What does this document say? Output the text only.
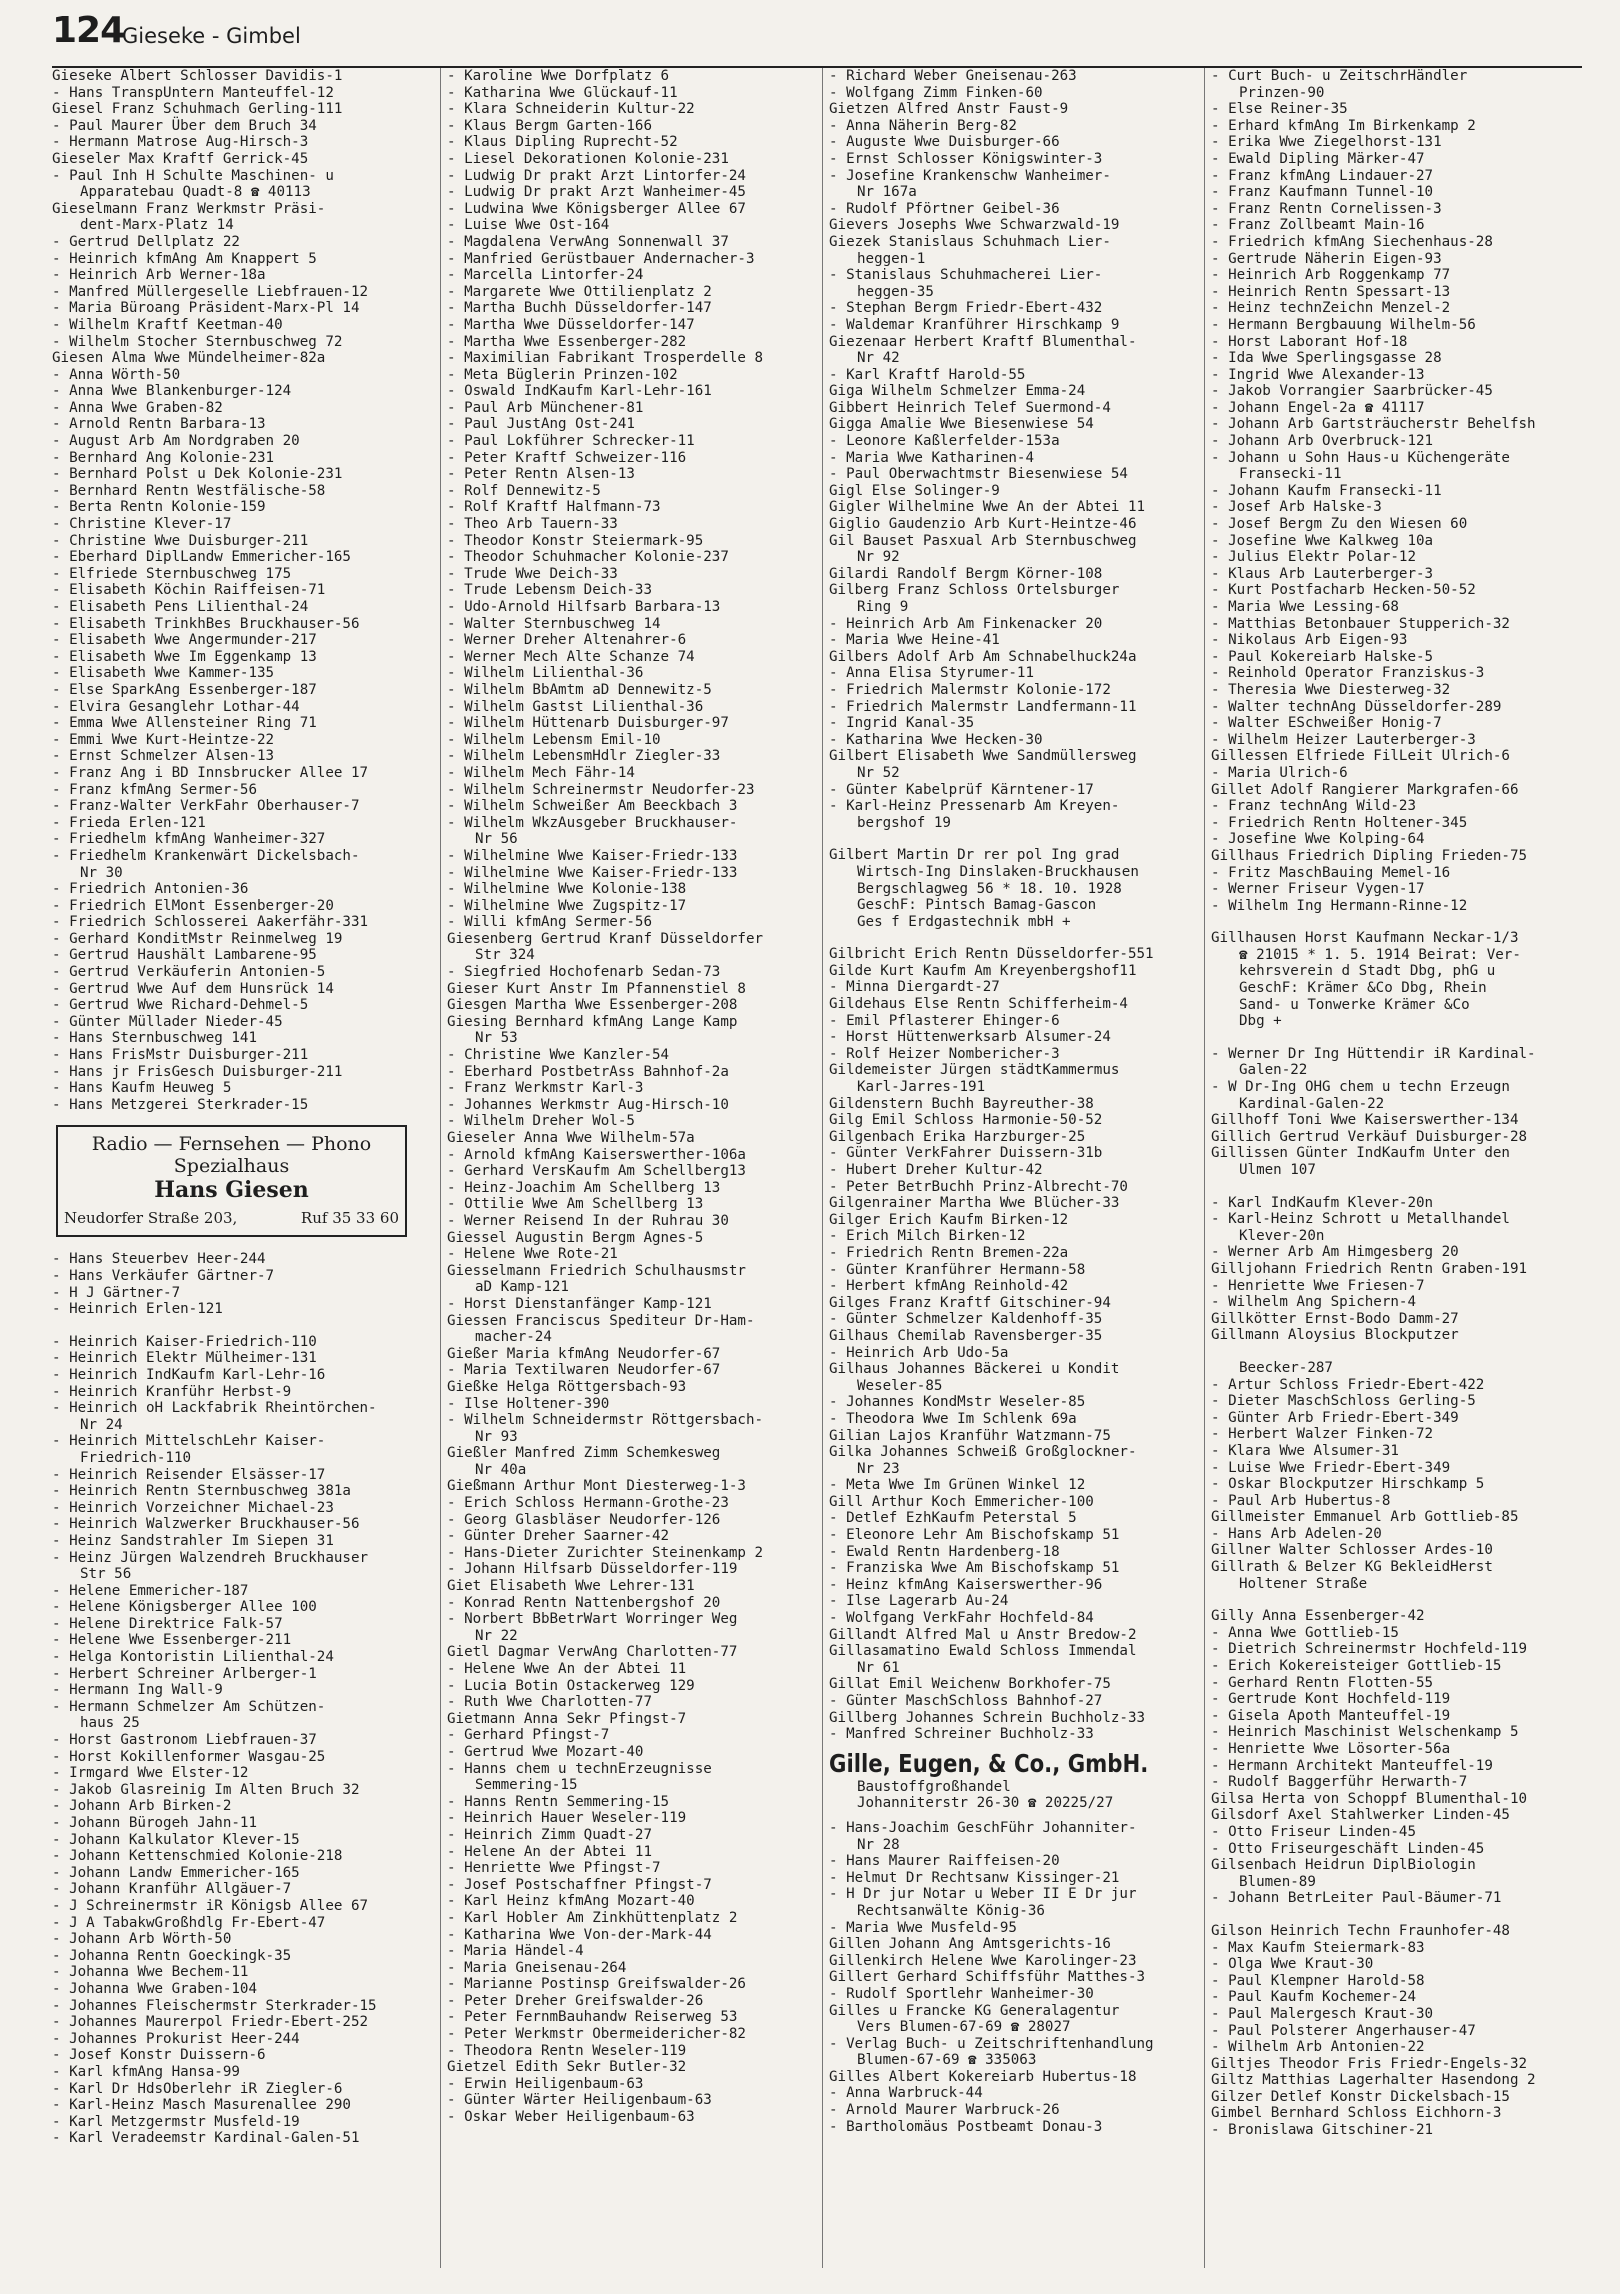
124
Gieseke - Gimbel
Gieseke Albert Schlosser Davidis-1
- Hans TranspUntern Manteuffel-12
Giesel Franz Schuhmach Gerling-111
- Paul Maurer Über dem Bruch 34
- Hermann Matrose Aug-Hirsch-3
Gieseler Max Kraftf Gerrick-45
- Paul Inh H Schulte Maschinen- u
Apparatebau Quadt-8 ☎ 40113
Gieselmann Franz Werkmstr Präsi-
dent-Marx-Platz 14
- Gertrud Dellplatz 22
- Heinrich kfmAng Am Knappert 5
- Heinrich Arb Werner-18a
- Manfred Müllergeselle Liebfrauen-12
- Maria Büroang Präsident-Marx-Pl 14
- Wilhelm Kraftf Keetman-40
- Wilhelm Stocher Sternbuschweg 72
Giesen Alma Wwe Mündelheimer-82a
- Anna Wörth-50
- Anna Wwe Blankenburger-124
- Anna Wwe Graben-82
- Arnold Rentn Barbara-13
- August Arb Am Nordgraben 20
- Bernhard Ang Kolonie-231
- Bernhard Polst u Dek Kolonie-231
- Bernhard Rentn Westfälische-58
- Berta Rentn Kolonie-159
- Christine Klever-17
- Christine Wwe Duisburger-211
- Eberhard DiplLandw Emmericher-165
- Elfriede Sternbuschweg 175
- Elisabeth Köchin Raiffeisen-71
- Elisabeth Pens Lilienthal-24
- Elisabeth TrinkhBes Bruckhauser-56
- Elisabeth Wwe Angermunder-217
- Elisabeth Wwe Im Eggenkamp 13
- Elisabeth Wwe Kammer-135
- Else SparkAng Essenberger-187
- Elvira Gesanglehr Lothar-44
- Emma Wwe Allensteiner Ring 71
- Emmi Wwe Kurt-Heintze-22
- Ernst Schmelzer Alsen-13
- Franz Ang i BD Innsbrucker Allee 17
- Franz kfmAng Sermer-56
- Franz-Walter VerkFahr Oberhauser-7
- Frieda Erlen-121
- Friedhelm kfmAng Wanheimer-327
- Friedhelm Krankenwärt Dickelsbach-
Nr 30
- Friedrich Antonien-36
- Friedrich ElMont Essenberger-20
- Friedrich Schlosserei Aakerfähr-331
- Gerhard KonditMstr Reinmelweg 19
- Gertrud Haushält Lambarene-95
- Gertrud Verkäuferin Antonien-5
- Gertrud Wwe Auf dem Hunsrück 14
- Gertrud Wwe Richard-Dehmel-5
- Günter Müllader Nieder-45
- Hans Sternbuschweg 141
- Hans FrisMstr Duisburger-211
- Hans jr FrisGesch Duisburger-211
- Hans Kaufm Heuweg 5
- Hans Metzgerei Sterkrader-15
Radio — Fernsehen — Phono
Spezialhaus
Hans Giesen
Neudorfer Straße 203,	Ruf 35 33 60
- Hans Steuerbev Heer-244
- Hans Verkäufer Gärtner-7
- H J Gärtner-7
- Heinrich Erlen-121
- Heinrich Kaiser-Friedrich-110
- Heinrich Elektr Mülheimer-131
- Heinrich IndKaufm Karl-Lehr-16
- Heinrich Kranführ Herbst-9
- Heinrich oH Lackfabrik Rheintörchen-
Nr 24
- Heinrich MittelschLehr Kaiser-
Friedrich-110
- Heinrich Reisender Elsässer-17
- Heinrich Rentn Sternbuschweg 381a
- Heinrich Vorzeichner Michael-23
- Heinrich Walzwerker Bruckhauser-56
- Heinz Sandstrahler Im Siepen 31
- Heinz Jürgen Walzendreh Bruckhauser
Str 56
- Helene Emmericher-187
- Helene Königsberger Allee 100
- Helene Direktrice Falk-57
- Helene Wwe Essenberger-211
- Helga Kontoristin Lilienthal-24
- Herbert Schreiner Arlberger-1
- Hermann Ing Wall-9
- Hermann Schmelzer Am Schützen-
haus 25
- Horst Gastronom Liebfrauen-37
- Horst Kokillenformer Wasgau-25
- Irmgard Wwe Elster-12
- Jakob Glasreinig Im Alten Bruch 32
- Johann Arb Birken-2
- Johann Bürogeh Jahn-11
- Johann Kalkulator Klever-15
- Johann Kettenschmied Kolonie-218
- Johann Landw Emmericher-165
- Johann Kranführ Allgäuer-7
- J Schreinermstr iR Königsb Allee 67
- J A TabakwGroßhdlg Fr-Ebert-47
- Johann Arb Wörth-50
- Johanna Rentn Goeckingk-35
- Johanna Wwe Bechem-11
- Johanna Wwe Graben-104
- Johannes Fleischermstr Sterkrader-15
- Johannes Maurerpol Friedr-Ebert-252
- Johannes Prokurist Heer-244
- Josef Konstr Duissern-6
- Karl kfmAng Hansa-99
- Karl Dr HdsOberlehr iR Ziegler-6
- Karl-Heinz Masch Masurenallee 290
- Karl Metzgermstr Musfeld-19
- Karl Veradeemstr Kardinal-Galen-51
- Karoline Wwe Dorfplatz 6
- Katharina Wwe Glückauf-11
- Klara Schneiderin Kultur-22
- Klaus Bergm Garten-166
- Klaus Dipling Ruprecht-52
- Liesel Dekorationen Kolonie-231
- Ludwig Dr prakt Arzt Lintorfer-24
- Ludwig Dr prakt Arzt Wanheimer-45
- Ludwina Wwe Königsberger Allee 67
- Luise Wwe Ost-164
- Magdalena VerwAng Sonnenwall 37
- Manfried Gerüstbauer Andernacher-3
- Marcella Lintorfer-24
- Margarete Wwe Ottilienplatz 2
- Martha Buchh Düsseldorfer-147
- Martha Wwe Düsseldorfer-147
- Martha Wwe Essenberger-282
- Maximilian Fabrikant Trosperdelle 8
- Meta Büglerin Prinzen-102
- Oswald IndKaufm Karl-Lehr-161
- Paul Arb Münchener-81
- Paul JustAng Ost-241
- Paul Lokführer Schrecker-11
- Peter Kraftf Schweizer-116
- Peter Rentn Alsen-13
- Rolf Dennewitz-5
- Rolf Kraftf Halfmann-73
- Theo Arb Tauern-33
- Theodor Konstr Steiermark-95
- Theodor Schuhmacher Kolonie-237
- Trude Wwe Deich-33
- Trude Lebensm Deich-33
- Udo-Arnold Hilfsarb Barbara-13
- Walter Sternbuschweg 14
- Werner Dreher Altenahrer-6
- Werner Mech Alte Schanze 74
- Wilhelm Lilienthal-36
- Wilhelm BbAmtm aD Dennewitz-5
- Wilhelm Gastst Lilienthal-36
- Wilhelm Hüttenarb Duisburger-97
- Wilhelm Lebensm Emil-10
- Wilhelm LebensmHdlr Ziegler-33
- Wilhelm Mech Fähr-14
- Wilhelm Schreinermstr Neudorfer-23
- Wilhelm Schweißer Am Beeckbach 3
- Wilhelm WkzAusgeber Bruckhauser-
Nr 56
- Wilhelmine Wwe Kaiser-Friedr-133
- Wilhelmine Wwe Kaiser-Friedr-133
- Wilhelmine Wwe Kolonie-138
- Wilhelmine Wwe Zugspitz-17
- Willi kfmAng Sermer-56
Giesenberg Gertrud Kranf Düsseldorfer
Str 324
- Siegfried Hochofenarb Sedan-73
Gieser Kurt Anstr Im Pfannenstiel 8
Giesgen Martha Wwe Essenberger-208
Giesing Bernhard kfmAng Lange Kamp
Nr 53
- Christine Wwe Kanzler-54
- Eberhard PostbetrAss Bahnhof-2a
- Franz Werkmstr Karl-3
- Johannes Werkmstr Aug-Hirsch-10
- Wilhelm Dreher Wol-5
Gieseler Anna Wwe Wilhelm-57a
- Arnold kfmAng Kaiserswerther-106a
- Gerhard VersKaufm Am Schellberg13
- Heinz-Joachim Am Schellberg 13
- Ottilie Wwe Am Schellberg 13
- Werner Reisend In der Ruhrau 30
Giessel Augustin Bergm Agnes-5
- Helene Wwe Rote-21
Giesselmann Friedrich Schulhausmstr
aD Kamp-121
- Horst Dienstanfänger Kamp-121
Giessen Franciscus Spediteur Dr-Ham-
macher-24
Gießer Maria kfmAng Neudorfer-67
- Maria Textilwaren Neudorfer-67
Gießke Helga Röttgersbach-93
- Ilse Holtener-390
- Wilhelm Schneidermstr Röttgersbach-
Nr 93
Gießler Manfred Zimm Schemkesweg
Nr 40a
Gießmann Arthur Mont Diesterweg-1-3
- Erich Schloss Hermann-Grothe-23
- Georg Glasbläser Neudorfer-126
- Günter Dreher Saarner-42
- Hans-Dieter Zurichter Steinenkamp 2
- Johann Hilfsarb Düsseldorfer-119
Giet Elisabeth Wwe Lehrer-131
- Konrad Rentn Nattenbergshof 20
- Norbert BbBetrWart Worringer Weg
Nr 22
Gietl Dagmar VerwAng Charlotten-77
- Helene Wwe An der Abtei 11
- Lucia Botin Ostackerweg 129
- Ruth Wwe Charlotten-77
Gietmann Anna Sekr Pfingst-7
- Gerhard Pfingst-7
- Gertrud Wwe Mozart-40
- Hanns chem u technErzeugnisse
Semmering-15
- Hanns Rentn Semmering-15
- Heinrich Hauer Weseler-119
- Heinrich Zimm Quadt-27
- Helene An der Abtei 11
- Henriette Wwe Pfingst-7
- Josef Postschaffner Pfingst-7
- Karl Heinz kfmAng Mozart-40
- Karl Hobler Am Zinkhüttenplatz 2
- Katharina Wwe Von-der-Mark-44
- Maria Händel-4
- Maria Gneisenau-264
- Marianne Postinsp Greifswalder-26
- Peter Dreher Greifswalder-26
- Peter FernmBauhandw Reiserweg 53
- Peter Werkmstr Obermeidericher-82
- Theodora Rentn Weseler-119
Gietzel Edith Sekr Butler-32
- Erwin Heiligenbaum-63
- Günter Wärter Heiligenbaum-63
- Oskar Weber Heiligenbaum-63
- Richard Weber Gneisenau-263
- Wolfgang Zimm Finken-60
Gietzen Alfred Anstr Faust-9
- Anna Näherin Berg-82
- Auguste Wwe Duisburger-66
- Ernst Schlosser Königswinter-3
- Josefine Krankenschw Wanheimer-
Nr 167a
- Rudolf Pförtner Geibel-36
Gievers Josephs Wwe Schwarzwald-19
Giezek Stanislaus Schuhmach Lier-
heggen-1
- Stanislaus Schuhmacherei Lier-
heggen-35
- Stephan Bergm Friedr-Ebert-432
- Waldemar Kranführer Hirschkamp 9
Giezenaar Herbert Kraftf Blumenthal-
Nr 42
- Karl Kraftf Harold-55
Giga Wilhelm Schmelzer Emma-24
Gibbert Heinrich Telef Suermond-4
Gigga Amalie Wwe Biesenwiese 54
- Leonore Kaßlerfelder-153a
- Maria Wwe Katharinen-4
- Paul Oberwachtmstr Biesenwiese 54
Gigl Else Solinger-9
Gigler Wilhelmine Wwe An der Abtei 11
Giglio Gaudenzio Arb Kurt-Heintze-46
Gil Bauset Pasxual Arb Sternbuschweg
Nr 92
Gilardi Randolf Bergm Körner-108
Gilberg Franz Schloss Ortelsburger
Ring 9
- Heinrich Arb Am Finkenacker 20
- Maria Wwe Heine-41
Gilbers Adolf Arb Am Schnabelhuck24a
- Anna Elisa Styrumer-11
- Friedrich Malermstr Kolonie-172
- Friedrich Malermstr Landfermann-11
- Ingrid Kanal-35
- Katharina Wwe Hecken-30
Gilbert Elisabeth Wwe Sandmüllersweg
Nr 52
- Günter Kabelprüf Kärntener-17
- Karl-Heinz Pressenarb Am Kreyen-
bergshof 19
Gilbert Martin Dr rer pol Ing grad
Wirtsch-Ing Dinslaken-Bruckhausen
Bergschlagweg 56 * 18. 10. 1928
GeschF: Pintsch Bamag-Gascon
Ges f Erdgastechnik mbH +
Gilbricht Erich Rentn Düsseldorfer-551
Gilde Kurt Kaufm Am Kreyenbergshof11
- Minna Diergardt-27
Gildehaus Else Rentn Schifferheim-4
- Emil Pflasterer Ehinger-6
- Horst Hüttenwerksarb Alsumer-24
- Rolf Heizer Nombericher-3
Gildemeister Jürgen städtKammermus
Karl-Jarres-191
Gildenstern Buchh Bayreuther-38
Gilg Emil Schloss Harmonie-50-52
Gilgenbach Erika Harzburger-25
- Günter VerkFahrer Duissern-31b
- Hubert Dreher Kultur-42
- Peter BetrBuchh Prinz-Albrecht-70
Gilgenrainer Martha Wwe Blücher-33
Gilger Erich Kaufm Birken-12
- Erich Milch Birken-12
- Friedrich Rentn Bremen-22a
- Günter Kranführer Hermann-58
- Herbert kfmAng Reinhold-42
Gilges Franz Kraftf Gitschiner-94
- Günter Schmelzer Kaldenhoff-35
Gilhaus Chemilab Ravensberger-35
- Heinrich Arb Udo-5a
Gilhaus Johannes Bäckerei u Kondit
Weseler-85
- Johannes KondMstr Weseler-85
- Theodora Wwe Im Schlenk 69a
Gilian Lajos Kranführ Watzmann-75
Gilka Johannes Schweiß Großglockner-
Nr 23
- Meta Wwe Im Grünen Winkel 12
Gill Arthur Koch Emmericher-100
- Detlef EzhKaufm Peterstal 5
- Eleonore Lehr Am Bischofskamp 51
- Ewald Rentn Hardenberg-18
- Franziska Wwe Am Bischofskamp 51
- Heinz kfmAng Kaiserswerther-96
- Ilse Lagerarb Au-24
- Wolfgang VerkFahr Hochfeld-84
Gillandt Alfred Mal u Anstr Bredow-2
Gillasamatino Ewald Schloss Immendal
Nr 61
Gillat Emil Weichenw Borkhofer-75
- Günter MaschSchloss Bahnhof-27
Gillberg Johannes Schrein Buchholz-33
- Manfred Schreiner Buchholz-33
Gille, Eugen, & Co., GmbH.
Baustoffgroßhandel
Johanniterstr 26-30 ☎ 20225/27
- Hans-Joachim GeschFühr Johanniter-
Nr 28
- Hans Maurer Raiffeisen-20
- Helmut Dr Rechtsanw Kissinger-21
- H Dr jur Notar u Weber II E Dr jur
Rechtsanwälte König-36
- Maria Wwe Musfeld-95
Gillen Johann Ang Amtsgerichts-16
Gillenkirch Helene Wwe Karolinger-23
Gillert Gerhard Schiffsführ Matthes-3
- Rudolf Sportlehr Wanheimer-30
Gilles u Francke KG Generalagentur
Vers Blumen-67-69 ☎ 28027
- Verlag Buch- u Zeitschriftenhandlung
Blumen-67-69 ☎ 335063
Gilles Albert Kokereiarb Hubertus-18
- Anna Warbruck-44
- Arnold Maurer Warbruck-26
- Bartholomäus Postbeamt Donau-3
- Curt Buch- u ZeitschrHändler
Prinzen-90
- Else Reiner-35
- Erhard kfmAng Im Birkenkamp 2
- Erika Wwe Ziegelhorst-131
- Ewald Dipling Märker-47
- Franz kfmAng Lindauer-27
- Franz Kaufmann Tunnel-10
- Franz Rentn Cornelissen-3
- Franz Zollbeamt Main-16
- Friedrich kfmAng Siechenhaus-28
- Gertrude Näherin Eigen-93
- Heinrich Arb Roggenkamp 77
- Heinrich Rentn Spessart-13
- Heinz technZeichn Menzel-2
- Hermann Bergbauung Wilhelm-56
- Horst Laborant Hof-18
- Ida Wwe Sperlingsgasse 28
- Ingrid Wwe Alexander-13
- Jakob Vorrangier Saarbrücker-45
- Johann Engel-2a ☎ 41117
- Johann Arb Gartsträucherstr Behelfsh
- Johann Arb Overbruck-121
- Johann u Sohn Haus-u Küchengeräte
Fransecki-11
- Johann Kaufm Fransecki-11
- Josef Arb Halske-3
- Josef Bergm Zu den Wiesen 60
- Josefine Wwe Kalkweg 10a
- Julius Elektr Polar-12
- Klaus Arb Lauterberger-3
- Kurt Postfacharb Hecken-50-52
- Maria Wwe Lessing-68
- Matthias Betonbauer Stupperich-32
- Nikolaus Arb Eigen-93
- Paul Kokereiarb Halske-5
- Reinhold Operator Franziskus-3
- Theresia Wwe Diesterweg-32
- Walter technAng Düsseldorfer-289
- Walter ESchweißer Honig-7
- Wilhelm Heizer Lauterberger-3
Gillessen Elfriede FilLeit Ulrich-6
- Maria Ulrich-6
Gillet Adolf Rangierer Markgrafen-66
- Franz technAng Wild-23
- Friedrich Rentn Holtener-345
- Josefine Wwe Kolping-64
Gillhaus Friedrich Dipling Frieden-75
- Fritz MaschBauing Memel-16
- Werner Friseur Vygen-17
- Wilhelm Ing Hermann-Rinne-12
Gillhausen Horst Kaufmann Neckar-1/3
☎ 21015 * 1. 5. 1914 Beirat: Ver-
kehrsverein d Stadt Dbg, phG u
GeschF: Krämer &Co Dbg, Rhein
Sand- u Tonwerke Krämer &Co
Dbg +
- Werner Dr Ing Hüttendir iR Kardinal-
Galen-22
- W Dr-Ing OHG chem u techn Erzeugn
Kardinal-Galen-22
Gillhoff Toni Wwe Kaiserswerther-134
Gillich Gertrud Verkäuf Duisburger-28
Gillissen Günter IndKaufm Unter den
Ulmen 107
- Karl IndKaufm Klever-20n
- Karl-Heinz Schrott u Metallhandel
Klever-20n
- Werner Arb Am Himgesberg 20
Gilljohann Friedrich Rentn Graben-191
- Henriette Wwe Friesen-7
- Wilhelm Ang Spichern-4
Gillkötter Ernst-Bodo Damm-27
Gillmann Aloysius Blockputzer
Beecker-287
- Artur Schloss Friedr-Ebert-422
- Dieter MaschSchloss Gerling-5
- Günter Arb Friedr-Ebert-349
- Herbert Walzer Finken-72
- Klara Wwe Alsumer-31
- Luise Wwe Friedr-Ebert-349
- Oskar Blockputzer Hirschkamp 5
- Paul Arb Hubertus-8
Gillmeister Emmanuel Arb Gottlieb-85
- Hans Arb Adelen-20
Gillner Walter Schlosser Ardes-10
Gillrath & Belzer KG BekleidHerst
Holtener Straße
Gilly Anna Essenberger-42
- Anna Wwe Gottlieb-15
- Dietrich Schreinermstr Hochfeld-119
- Erich Kokereisteiger Gottlieb-15
- Gerhard Rentn Flotten-55
- Gertrude Kont Hochfeld-119
- Gisela Apoth Manteuffel-19
- Heinrich Maschinist Welschenkamp 5
- Henriette Wwe Lösorter-56a
- Hermann Architekt Manteuffel-19
- Rudolf Baggerführ Herwarth-7
Gilsa Herta von Schoppf Blumenthal-10
Gilsdorf Axel Stahlwerker Linden-45
- Otto Friseur Linden-45
- Otto Friseurgeschäft Linden-45
Gilsenbach Heidrun DiplBiologin
Blumen-89
- Johann BetrLeiter Paul-Bäumer-71
Gilson Heinrich Techn Fraunhofer-48
- Max Kaufm Steiermark-83
- Olga Wwe Kraut-30
- Paul Klempner Harold-58
- Paul Kaufm Kochemer-24
- Paul Malergesch Kraut-30
- Paul Polsterer Angerhauser-47
- Wilhelm Arb Antonien-22
Giltjes Theodor Fris Friedr-Engels-32
Giltz Matthias Lagerhalter Hasendong 2
Gilzer Detlef Konstr Dickelsbach-15
Gimbel Bernhard Schloss Eichhorn-3
- Bronislawa Gitschiner-21
